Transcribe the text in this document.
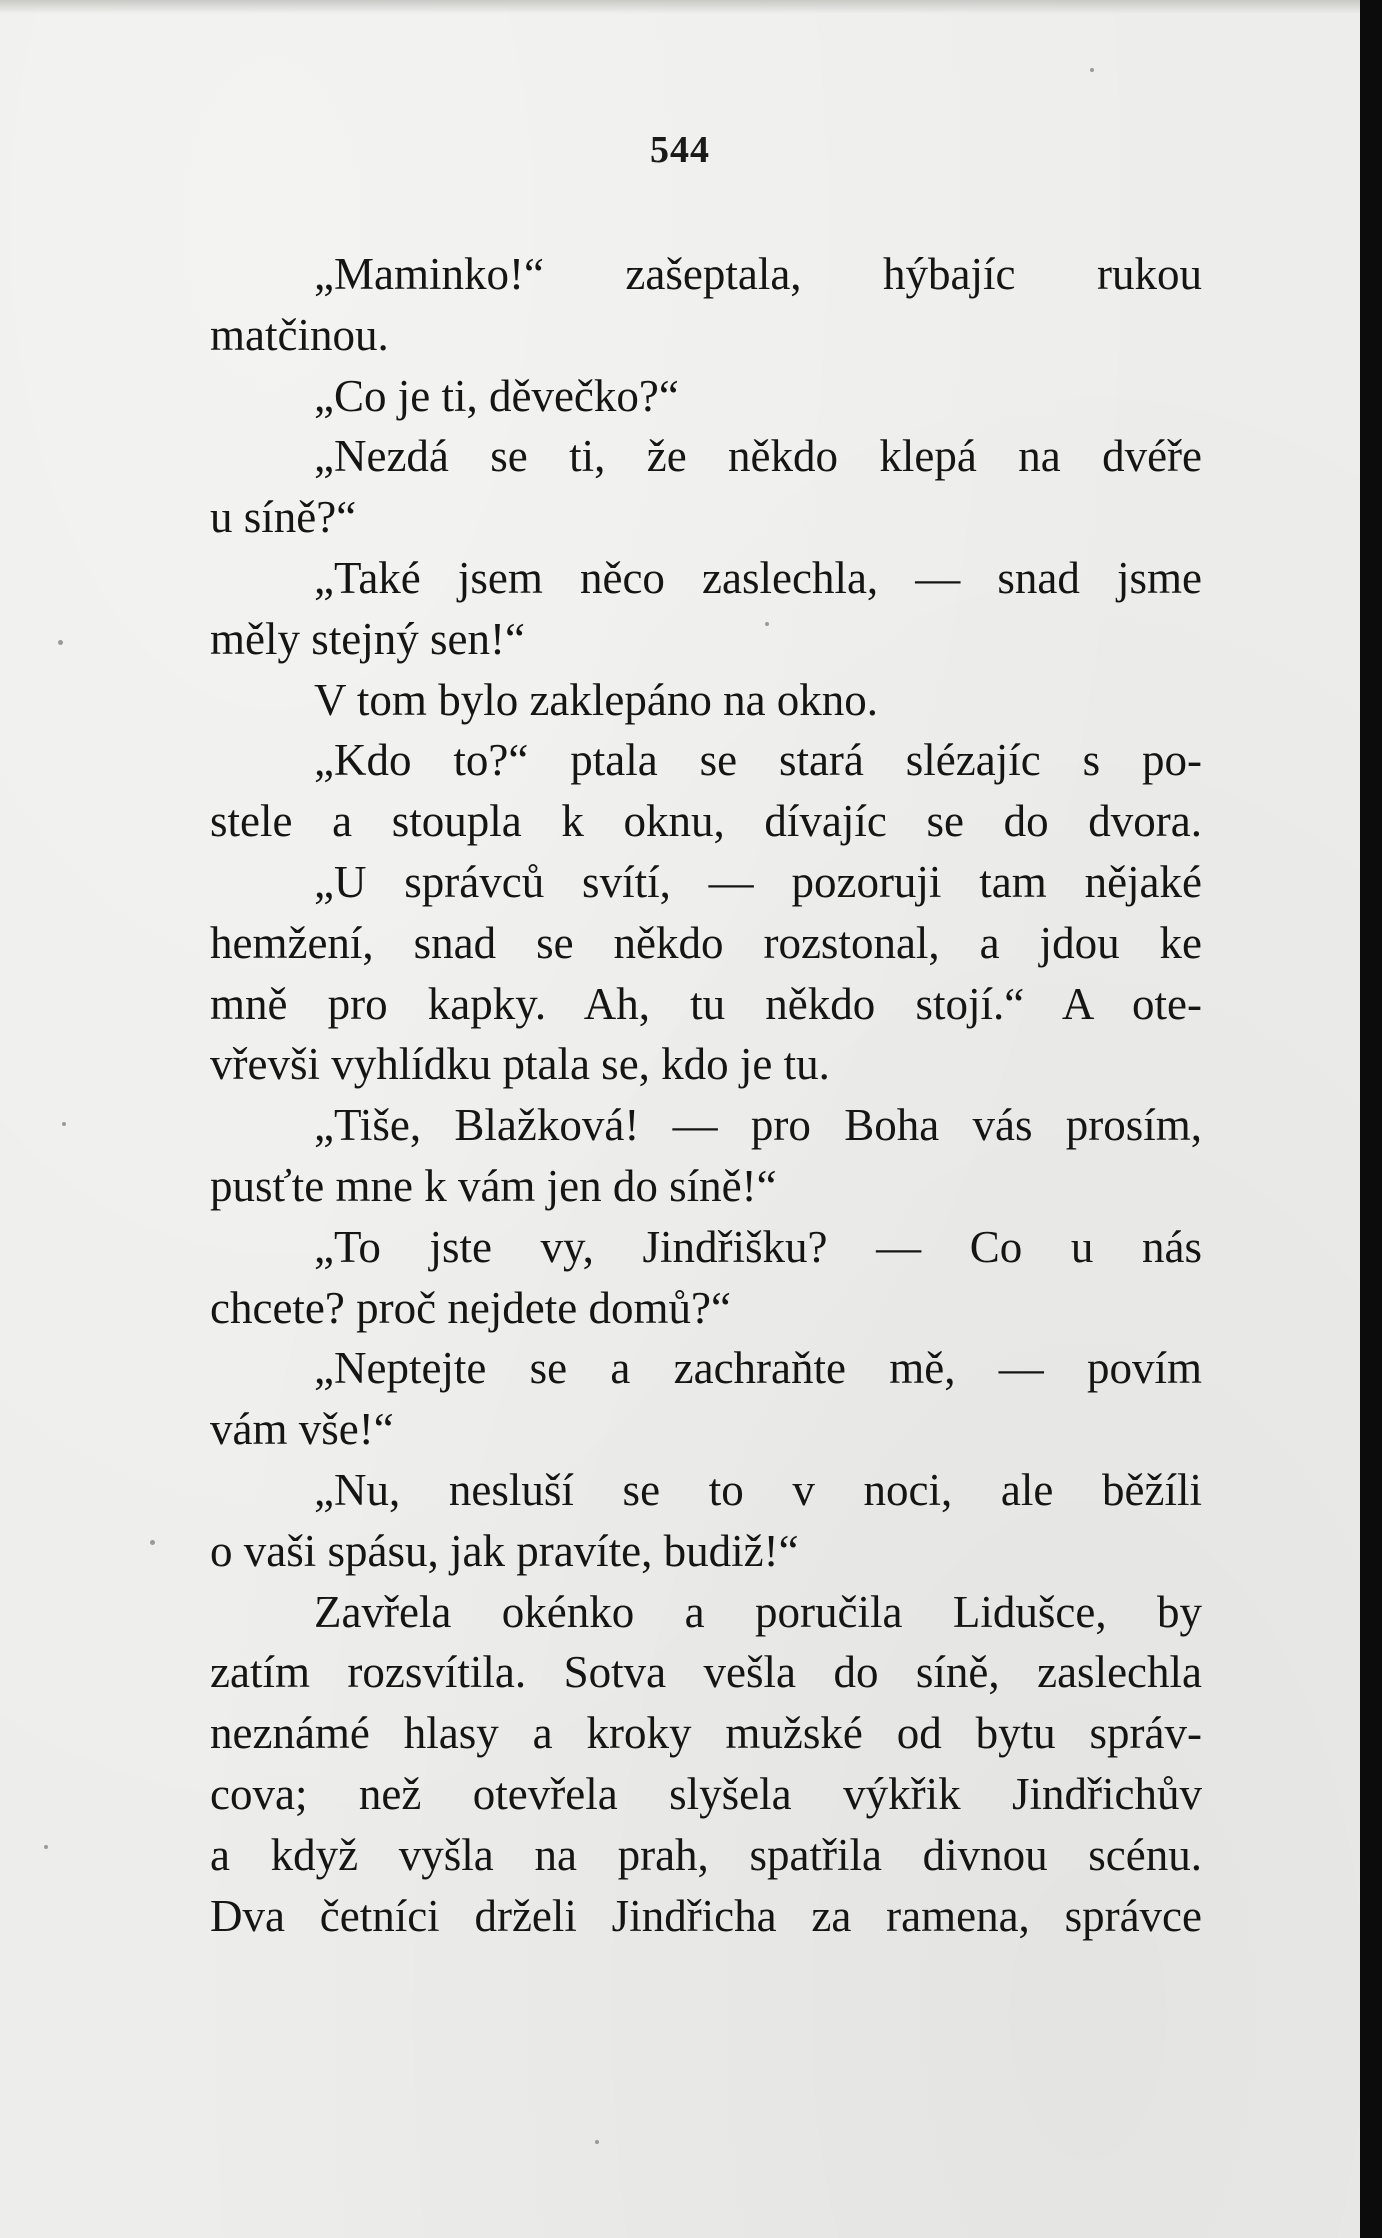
544
„Maminko!“ zašeptala, hýbajíc rukou
matčinou.
„Co je ti, děvečko?“
„Nezdá se ti, že někdo klepá na dvéře
u síně?“
„Také jsem něco zaslechla, — snad jsme
měly stejný sen!“
V tom bylo zaklepáno na okno.
„Kdo to?“ ptala se stará slézajíc s po-
stele a stoupla k oknu, dívajíc se do dvora.
„U správců svítí, — pozoruji tam nějaké
hemžení, snad se někdo rozstonal, a jdou ke
mně pro kapky. Ah, tu někdo stojí.“ A ote-
vřevši vyhlídku ptala se, kdo je tu.
„Tiše, Blažková! — pro Boha vás prosím,
pusťte mne k vám jen do síně!“
„To jste vy, Jindřišku? — Co u nás
chcete? proč nejdete domů?“
„Neptejte se a zachraňte mě, — povím
vám vše!“
„Nu, nesluší se to v noci, ale běžíli
o vaši spásu, jak pravíte, budiž!“
Zavřela okénko a poručila Lidušce, by
zatím rozsvítila. Sotva vešla do síně, zaslechla
neznámé hlasy a kroky mužské od bytu správ-
cova; než otevřela slyšela výkřik Jindřichův
a když vyšla na prah, spatřila divnou scénu.
Dva četníci drželi Jindřicha za ramena, správce
